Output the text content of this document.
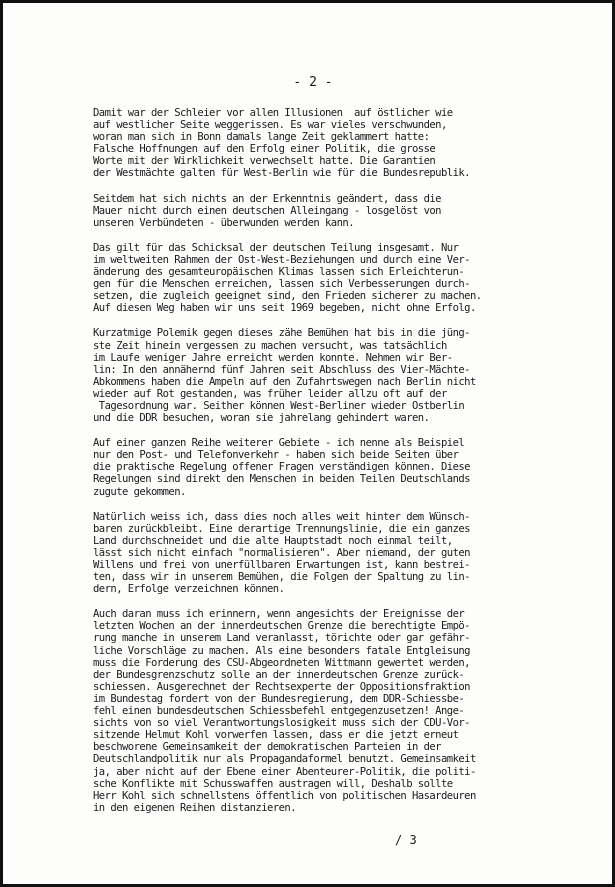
- 2 -

Damit war der Schleier vor allen Illusionen  auf östlicher wie
auf westlicher Seite weggerissen. Es war vieles verschwunden,
woran man sich in Bonn damals lange Zeit geklammert hatte:
Falsche Hoffnungen auf den Erfolg einer Politik, die grosse
Worte mit der Wirklichkeit verwechselt hatte. Die Garantien
der Westmächte galten für West-Berlin wie für die Bundesrepublik.

Seitdem hat sich nichts an der Erkenntnis geändert, dass die
Mauer nicht durch einen deutschen Alleingang - losgelöst von
unseren Verbündeten - überwunden werden kann.

Das gilt für das Schicksal der deutschen Teilung insgesamt. Nur
im weltweiten Rahmen der Ost-West-Beziehungen und durch eine Ver-
änderung des gesamteuropäischen Klimas lassen sich Erleichterun-
gen für die Menschen erreichen, lassen sich Verbesserungen durch-
setzen, die zugleich geeignet sind, den Frieden sicherer zu machen.
Auf diesen Weg haben wir uns seit 1969 begeben, nicht ohne Erfolg.

Kurzatmige Polemik gegen dieses zähe Bemühen hat bis in die jüng-
ste Zeit hinein vergessen zu machen versucht, was tatsächlich
im Laufe weniger Jahre erreicht werden konnte. Nehmen wir Ber-
lin: In den annähernd fünf Jahren seit Abschluss des Vier-Mächte-
Abkommens haben die Ampeln auf den Zufahrtswegen nach Berlin nicht
wieder auf Rot gestanden, was früher leider allzu oft auf der
Tagesordnung war. Seither können West-Berliner wieder Ostberlin
und die DDR besuchen, woran sie jahrelang gehindert waren.

Auf einer ganzen Reihe weiterer Gebiete - ich nenne als Beispiel
nur den Post- und Telefonverkehr - haben sich beide Seiten über
die praktische Regelung offener Fragen verständigen können. Diese
Regelungen sind direkt den Menschen in beiden Teilen Deutschlands
zugute gekommen.

Natürlich weiss ich, dass dies noch alles weit hinter dem Wünsch-
baren zurückbleibt. Eine derartige Trennungslinie, die ein ganzes
Land durchschneidet und die alte Hauptstadt noch einmal teilt,
lässt sich nicht einfach "normalisieren". Aber niemand, der guten
Willens und frei von unerfüllbaren Erwartungen ist, kann bestrei-
ten, dass wir in unserem Bemühen, die Folgen der Spaltung zu lin-
dern, Erfolge verzeichnen können.

Auch daran muss ich erinnern, wenn angesichts der Ereignisse der
letzten Wochen an der innerdeutschen Grenze die berechtigte Empö-
rung manche in unserem Land veranlasst, törichte oder gar gefähr-
liche Vorschläge zu machen. Als eine besonders fatale Entgleisung
muss die Forderung des CSU-Abgeordneten Wittmann gewertet werden,
der Bundesgrenzschutz solle an der innerdeutschen Grenze zurück-
schiessen. Ausgerechnet der Rechtsexperte der Oppositionsfraktion
im Bundestag fordert von der Bundesregierung, dem DDR-Schiessbe-
fehl einen bundesdeutschen Schiessbefehl entgegenzusetzen! Ange-
sichts von so viel Verantwortungslosigkeit muss sich der CDU-Vor-
sitzende Helmut Kohl vorwerfen lassen, dass er die jetzt erneut
beschworene Gemeinsamkeit der demokratischen Parteien in der
Deutschlandpolitik nur als Propagandaformel benutzt. Gemeinsamkeit
ja, aber nicht auf der Ebene einer Abenteurer-Politik, die politi-
sche Konflikte mit Schusswaffen austragen will, Deshalb sollte
Herr Kohl sich schnellstens öffentlich von politischen Hasardeuren
in den eigenen Reihen distanzieren.

/ 3
